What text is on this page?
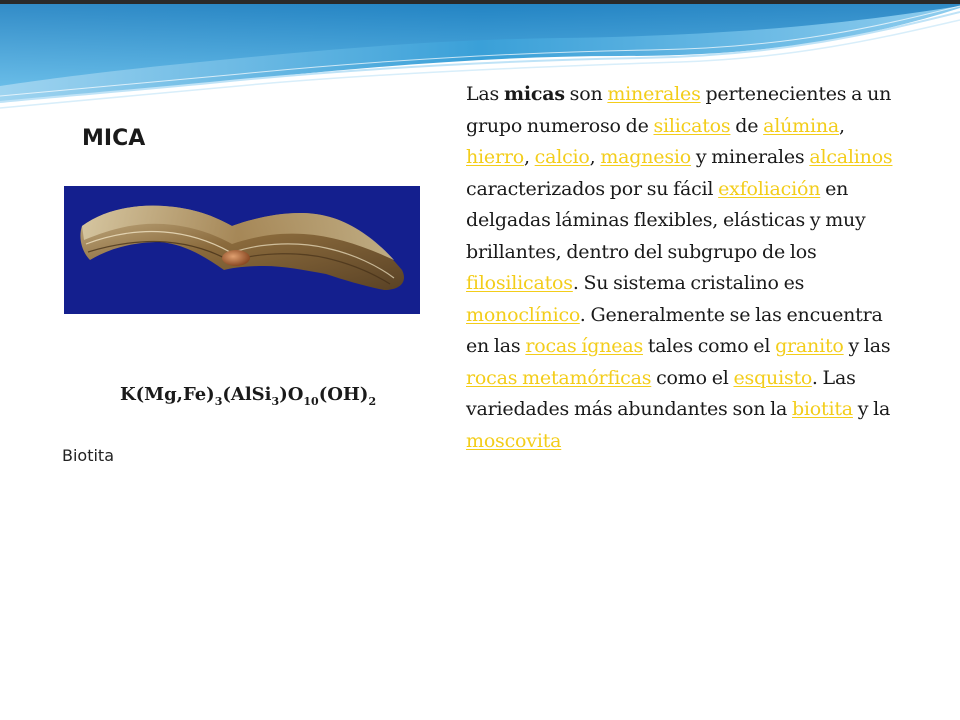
MICA
$K(Mg,Fe)_3(AlSi_3)O_{10}(OH)_2$
Biotita
Las micas son minerales pertenecientes a un grupo numeroso de silicatos de alúmina, hierro, calcio, magnesio y minerales alcalinos caracterizados por su fácil exfoliación en delgadas láminas flexibles, elásticas y muy brillantes, dentro del subgrupo de los filosilicatos. Su sistema cristalino es monoclínico. Generalmente se las encuentra en las rocas ígneas tales como el granito y las rocas metamórficas como el esquisto. Las variedades más abundantes son la biotita y la moscovita
